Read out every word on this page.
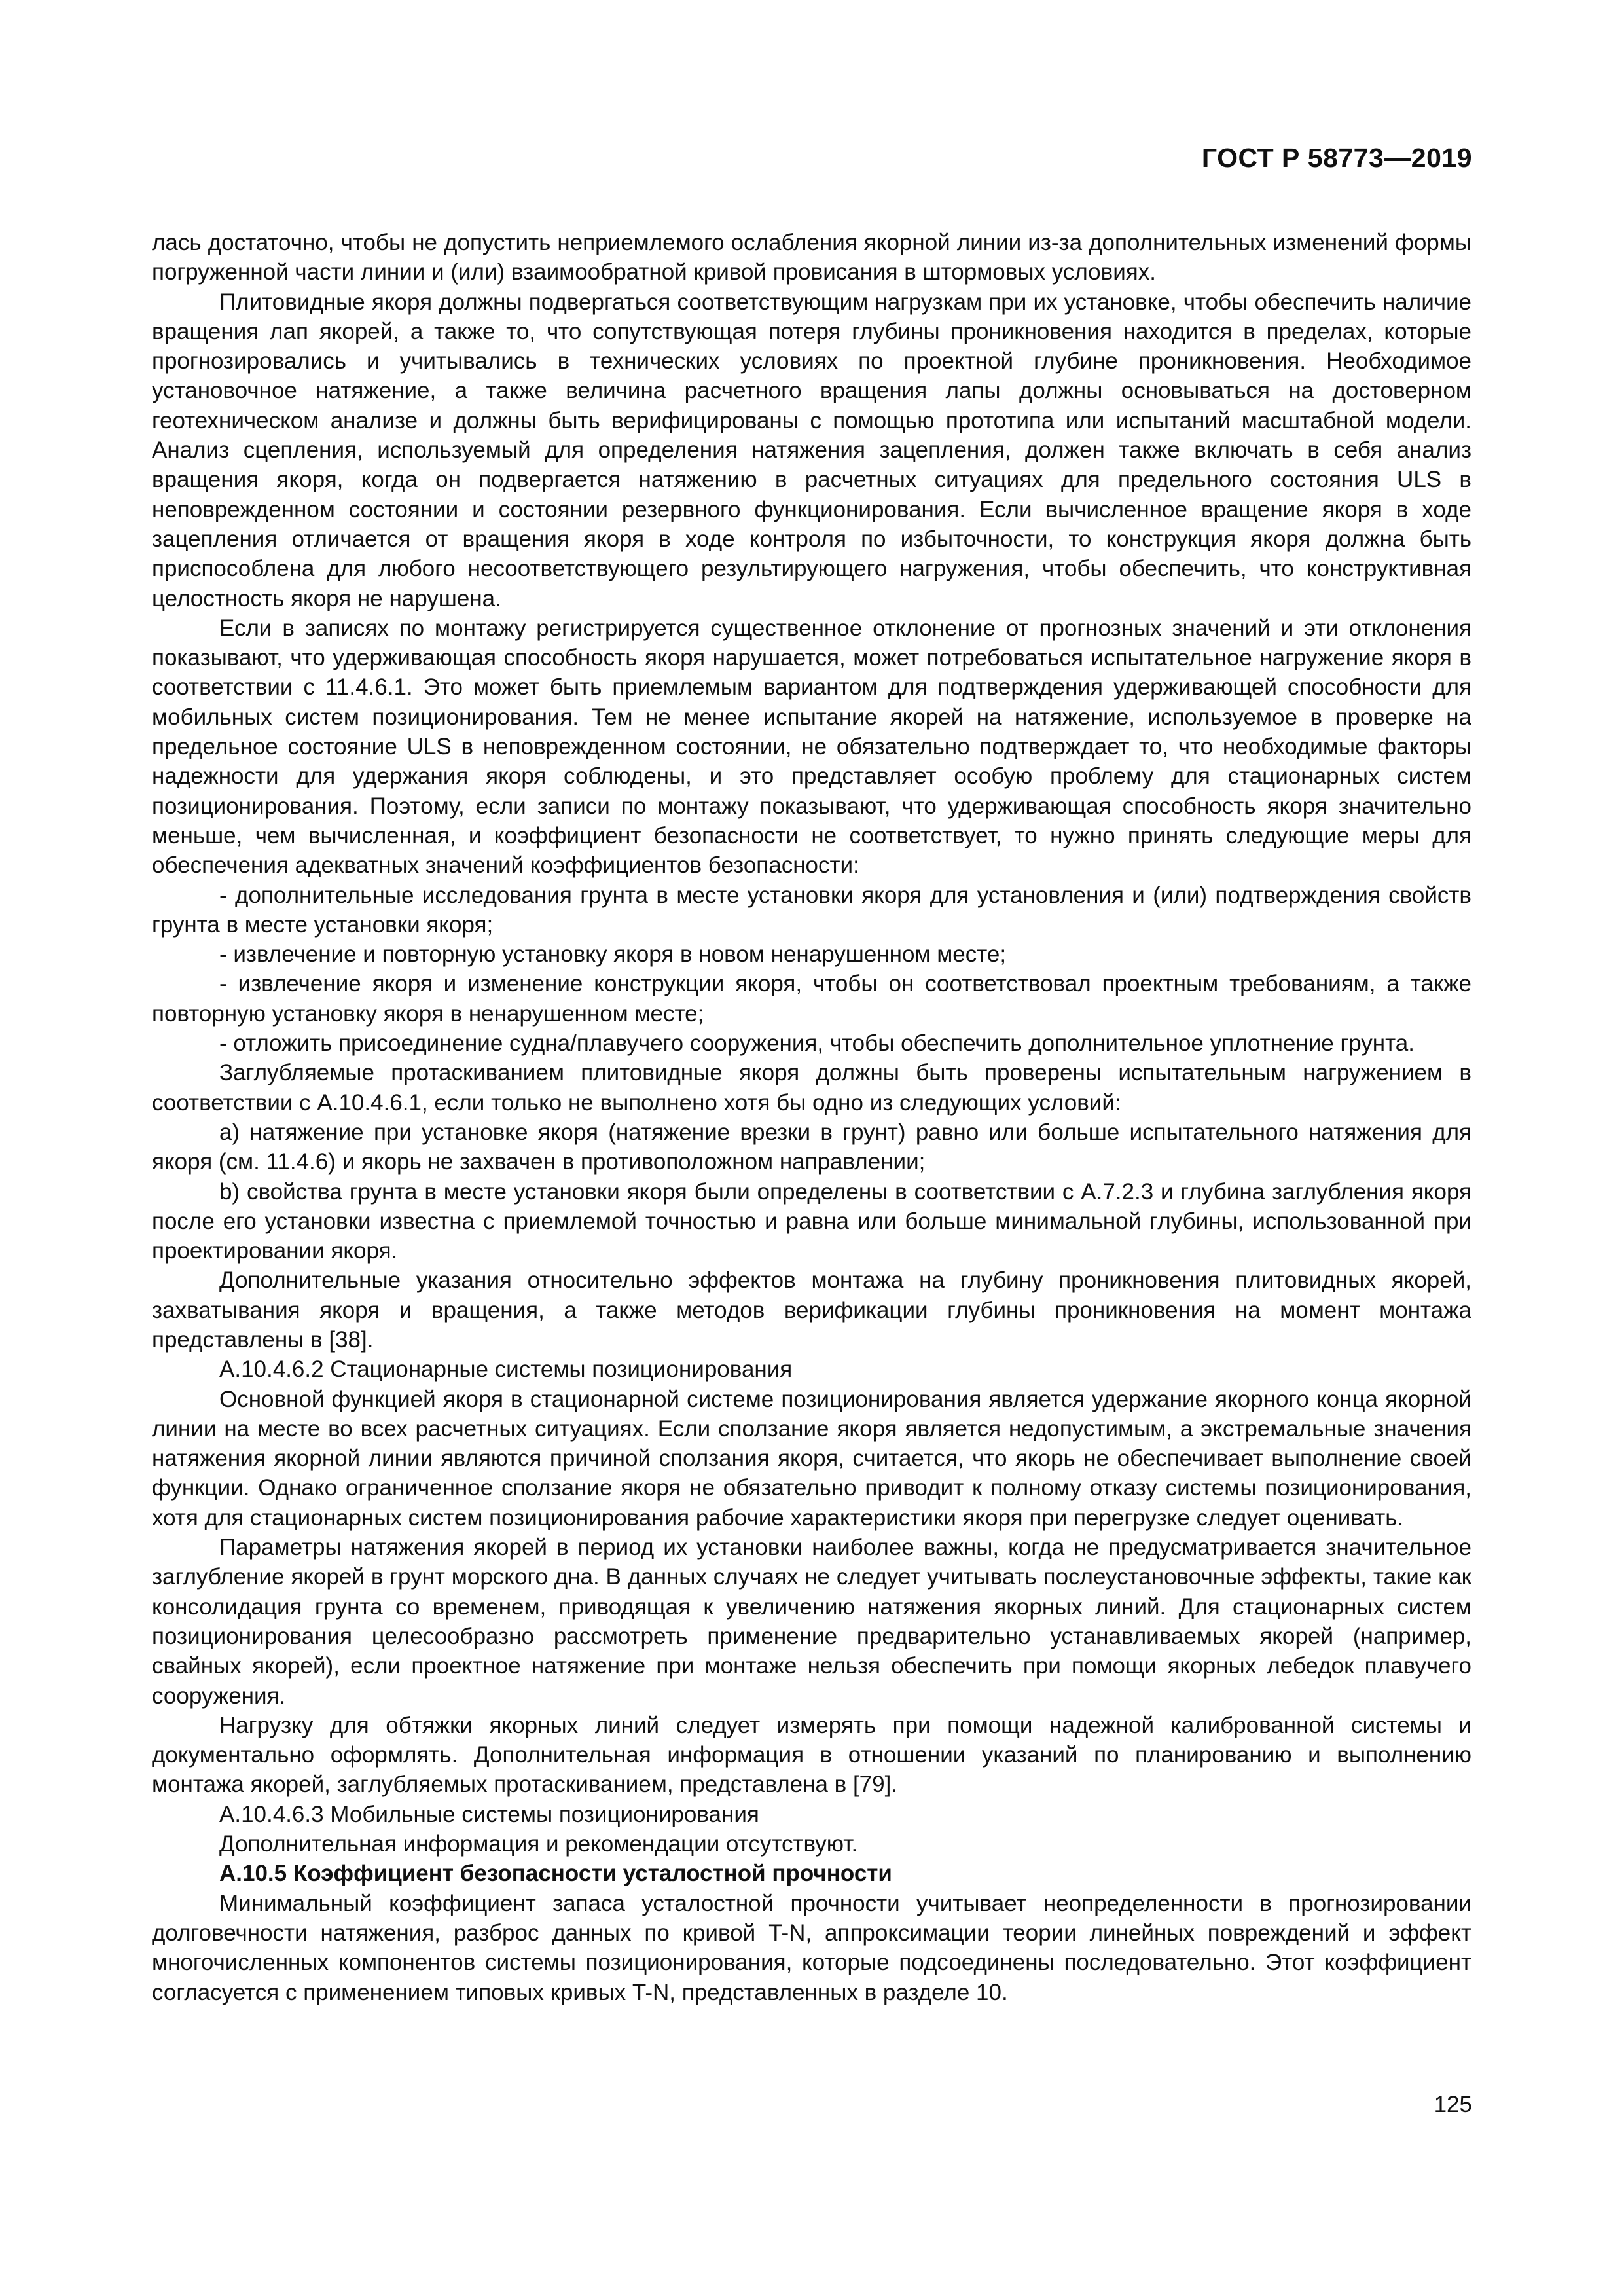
ГОСТ Р 58773—2019

лась достаточно, чтобы не допустить неприемлемого ослабления якорной линии из-за дополнительных изменений формы погруженной части линии и (или) взаимообратной кривой провисания в штормовых условиях.

Плитовидные якоря должны подвергаться соответствующим нагрузкам при их установке, чтобы обеспечить наличие вращения лап якорей, а также то, что сопутствующая потеря глубины проникновения находится в пределах, которые прогнозировались и учитывались в технических условиях по проектной глубине проникновения. Необходимое установочное натяжение, а также величина расчетного вращения лапы должны основываться на достоверном геотехническом анализе и должны быть верифицированы с помощью прототипа или испытаний масштабной модели. Анализ сцепления, используемый для определения натяжения зацепления, должен также включать в себя анализ вращения якоря, когда он подвергается натяжению в расчетных ситуациях для предельного состояния ULS в неповрежденном состоянии и состоянии резервного функционирования. Если вычисленное вращение якоря в ходе зацепления отличается от вращения якоря в ходе контроля по избыточности, то конструкция якоря должна быть приспособлена для любого несоответствующего результирующего нагружения, чтобы обеспечить, что конструктивная целостность якоря не нарушена.

Если в записях по монтажу регистрируется существенное отклонение от прогнозных значений и эти отклонения показывают, что удерживающая способность якоря нарушается, может потребоваться испытательное нагружение якоря в соответствии с 11.4.6.1. Это может быть приемлемым вариантом для подтверждения удерживающей способности для мобильных систем позиционирования. Тем не менее испытание якорей на натяжение, используемое в проверке на предельное состояние ULS в неповрежденном состоянии, не обязательно подтверждает то, что необходимые факторы надежности для удержания якоря соблюдены, и это представляет особую проблему для стационарных систем позиционирования. Поэтому, если записи по монтажу показывают, что удерживающая способность якоря значительно меньше, чем вычисленная, и коэффициент безопасности не соответствует, то нужно принять следующие меры для обеспечения адекватных значений коэффициентов безопасности:

- дополнительные исследования грунта в месте установки якоря для установления и (или) подтверждения свойств грунта в месте установки якоря;

- извлечение и повторную установку якоря в новом ненарушенном месте;

- извлечение якоря и изменение конструкции якоря, чтобы он соответствовал проектным требованиям, а также повторную установку якоря в ненарушенном месте;

- отложить присоединение судна/плавучего сооружения, чтобы обеспечить дополнительное уплотнение грунта.

Заглубляемые протаскиванием плитовидные якоря должны быть проверены испытательным нагружением в соответствии с А.10.4.6.1, если только не выполнено хотя бы одно из следующих условий:

a) натяжение при установке якоря (натяжение врезки в грунт) равно или больше испытательного натяжения для якоря (см. 11.4.6) и якорь не захвачен в противоположном направлении;

b) свойства грунта в месте установки якоря были определены в соответствии с А.7.2.3 и глубина заглубления якоря после его установки известна с приемлемой точностью и равна или больше минимальной глубины, использованной при проектировании якоря.

Дополнительные указания относительно эффектов монтажа на глубину проникновения плитовидных якорей, захватывания якоря и вращения, а также методов верификации глубины проникновения на момент монтажа представлены в [38].

А.10.4.6.2 Стационарные системы позиционирования

Основной функцией якоря в стационарной системе позиционирования является удержание якорного конца якорной линии на месте во всех расчетных ситуациях. Если сползание якоря является недопустимым, а экстремальные значения натяжения якорной линии являются причиной сползания якоря, считается, что якорь не обеспечивает выполнение своей функции. Однако ограниченное сползание якоря не обязательно приводит к полному отказу системы позиционирования, хотя для стационарных систем позиционирования рабочие характеристики якоря при перегрузке следует оценивать.

Параметры натяжения якорей в период их установки наиболее важны, когда не предусматривается значительное заглубление якорей в грунт морского дна. В данных случаях не следует учитывать послеустановочные эффекты, такие как консолидация грунта со временем, приводящая к увеличению натяжения якорных линий. Для стационарных систем позиционирования целесообразно рассмотреть применение предварительно устанавливаемых якорей (например, свайных якорей), если проектное натяжение при монтаже нельзя обеспечить при помощи якорных лебедок плавучего сооружения.

Нагрузку для обтяжки якорных линий следует измерять при помощи надежной калиброванной системы и документально оформлять. Дополнительная информация в отношении указаний по планированию и выполнению монтажа якорей, заглубляемых протаскиванием, представлена в [79].

А.10.4.6.3 Мобильные системы позиционирования

Дополнительная информация и рекомендации отсутствуют.

А.10.5 Коэффициент безопасности усталостной прочности

Минимальный коэффициент запаса усталостной прочности учитывает неопределенности в прогнозировании долговечности натяжения, разброс данных по кривой T-N, аппроксимации теории линейных повреждений и эффект многочисленных компонентов системы позиционирования, которые подсоединены последовательно. Этот коэффициент согласуется с применением типовых кривых T-N, представленных в разделе 10.

125
